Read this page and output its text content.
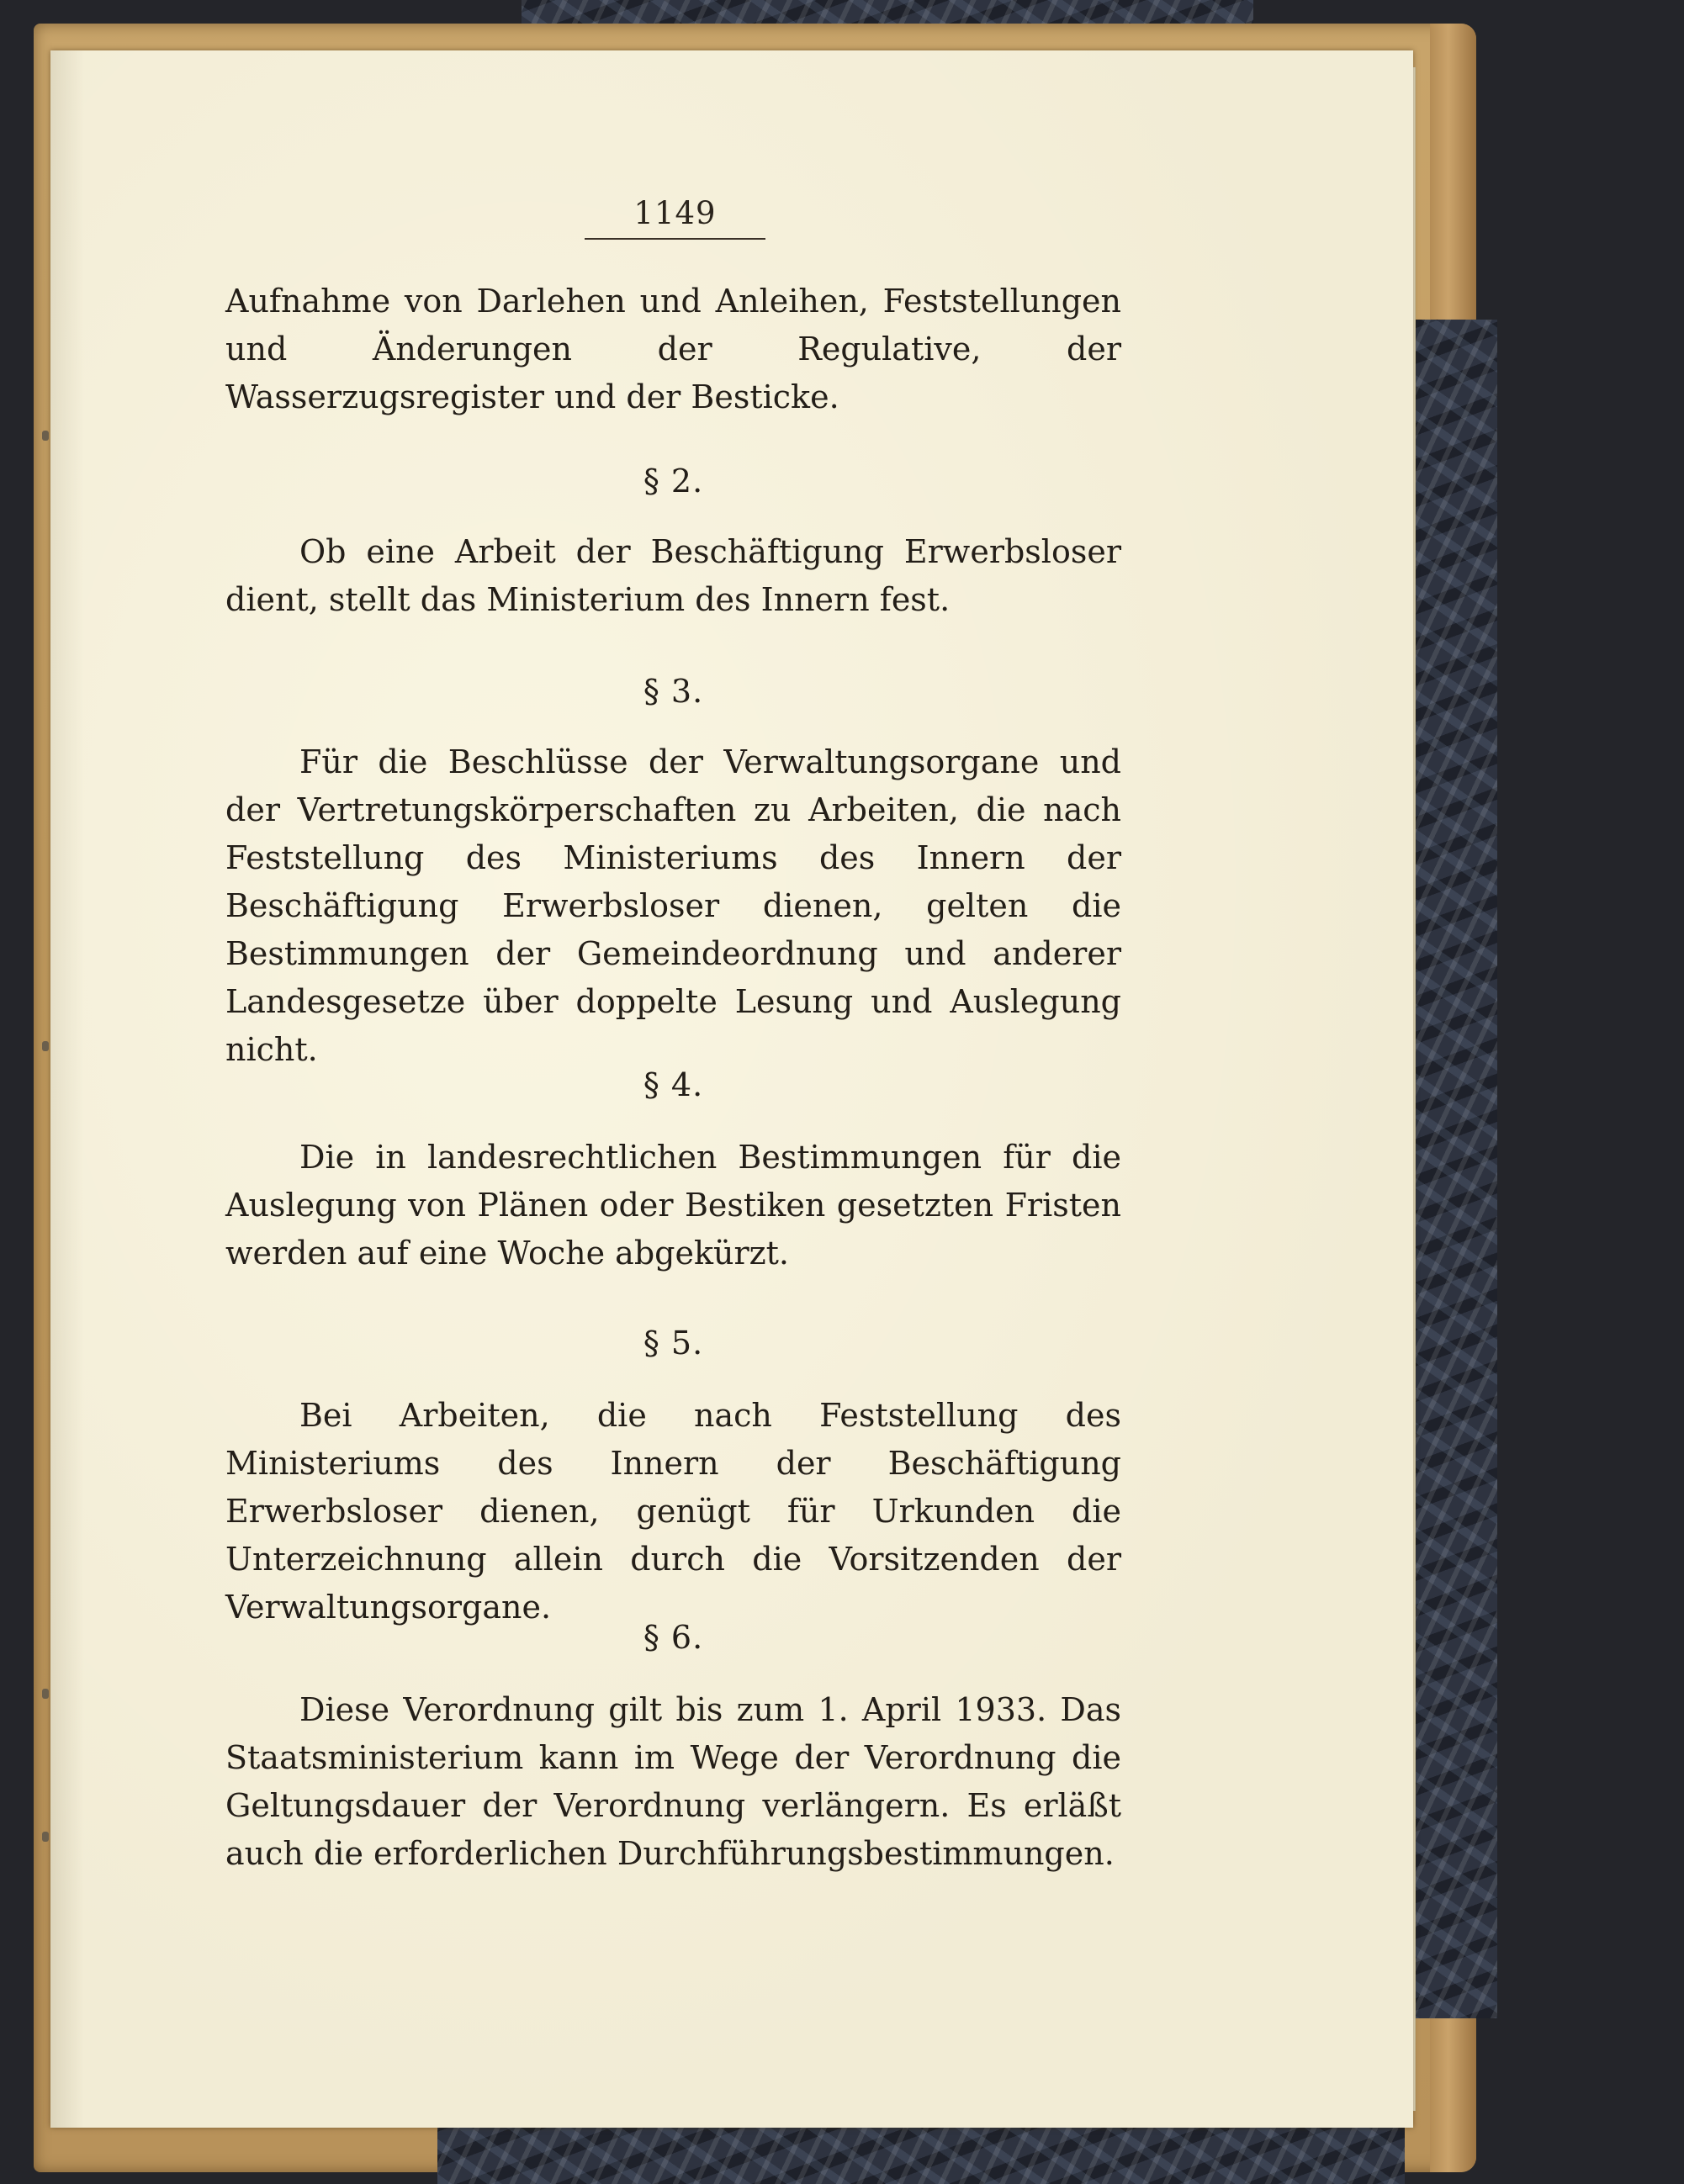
1149
Aufnahme von Darlehen und Anleihen, Feststellungen und Änderungen der Regulative, der Wasserzugsregister und der Besticke.
§ 2.
Ob eine Arbeit der Beschäftigung Erwerbsloser dient, stellt das Ministerium des Innern fest.
§ 3.
Für die Beschlüsse der Verwaltungsorgane und der Vertretungskörperschaften zu Arbeiten, die nach Feststellung des Ministeriums des Innern der Beschäftigung Erwerbsloser dienen, gelten die Bestimmungen der Gemeindeordnung und anderer Landesgesetze über doppelte Lesung und Auslegung nicht.
§ 4.
Die in landesrechtlichen Bestimmungen für die Auslegung von Plänen oder Bestiken gesetzten Fristen werden auf eine Woche abgekürzt.
§ 5.
Bei Arbeiten, die nach Feststellung des Ministeriums des Innern der Beschäftigung Erwerbsloser dienen, genügt für Urkunden die Unterzeichnung allein durch die Vorsitzenden der Verwaltungsorgane.
§ 6.
Diese Verordnung gilt bis zum 1. April 1933. Das Staatsministerium kann im Wege der Verordnung die Geltungsdauer der Verordnung verlängern. Es erläßt auch die erforderlichen Durchführungsbestimmungen.
